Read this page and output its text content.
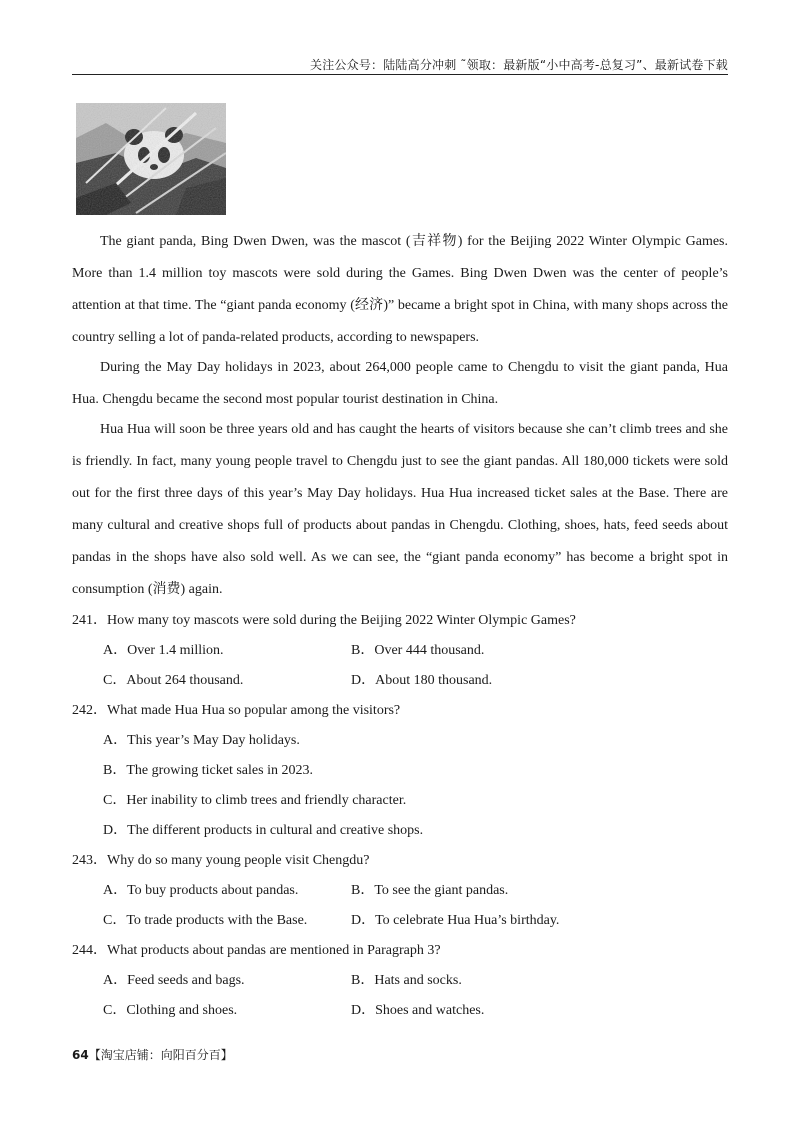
关注公众号：陆陆高分冲刺 ˜领取：最新版“小中高考-总复习”、最新试卷下载
The giant panda, Bing Dwen Dwen, was the mascot (吉祥物) for the Beijing 2022 Winter Olympic Games. More than 1.4 million toy mascots were sold during the Games. Bing Dwen Dwen was the center of people’s attention at that time. The “giant panda economy (经济)” became a bright spot in China, with many shops across the country selling a lot of panda-related products, according to newspapers.
During the May Day holidays in 2023, about 264,000 people came to Chengdu to visit the giant panda, Hua Hua. Chengdu became the second most popular tourist destination in China.
Hua Hua will soon be three years old and has caught the hearts of visitors because she can’t climb trees and she is friendly. In fact, many young people travel to Chengdu just to see the giant pandas. All 180,000 tickets were sold out for the first three days of this year’s May Day holidays. Hua Hua increased ticket sales at the Base. There are many cultural and creative shops full of products about pandas in Chengdu. Clothing, shoes, hats, feed seeds about pandas in the shops have also sold well. As we can see, the “giant panda economy” has become a bright spot in consumption (消费) again.
241．How many toy mascots were sold during the Beijing 2022 Winter Olympic Games?
A．Over 1.4 million.	B．Over 444 thousand.
C．About 264 thousand.	D．About 180 thousand.
242．What made Hua Hua so popular among the visitors?
A．This year’s May Day holidays.
B．The growing ticket sales in 2023.
C．Her inability to climb trees and friendly character.
D．The different products in cultural and creative shops.
243．Why do so many young people visit Chengdu?
A．To buy products about pandas.	B．To see the giant pandas.
C．To trade products with the Base.	D．To celebrate Hua Hua’s birthday.
244．What products about pandas are mentioned in Paragraph 3?
A．Feed seeds and bags.	B．Hats and socks.
C．Clothing and shoes.	D．Shoes and watches.
64【淘宝店铺：向阳百分百】
